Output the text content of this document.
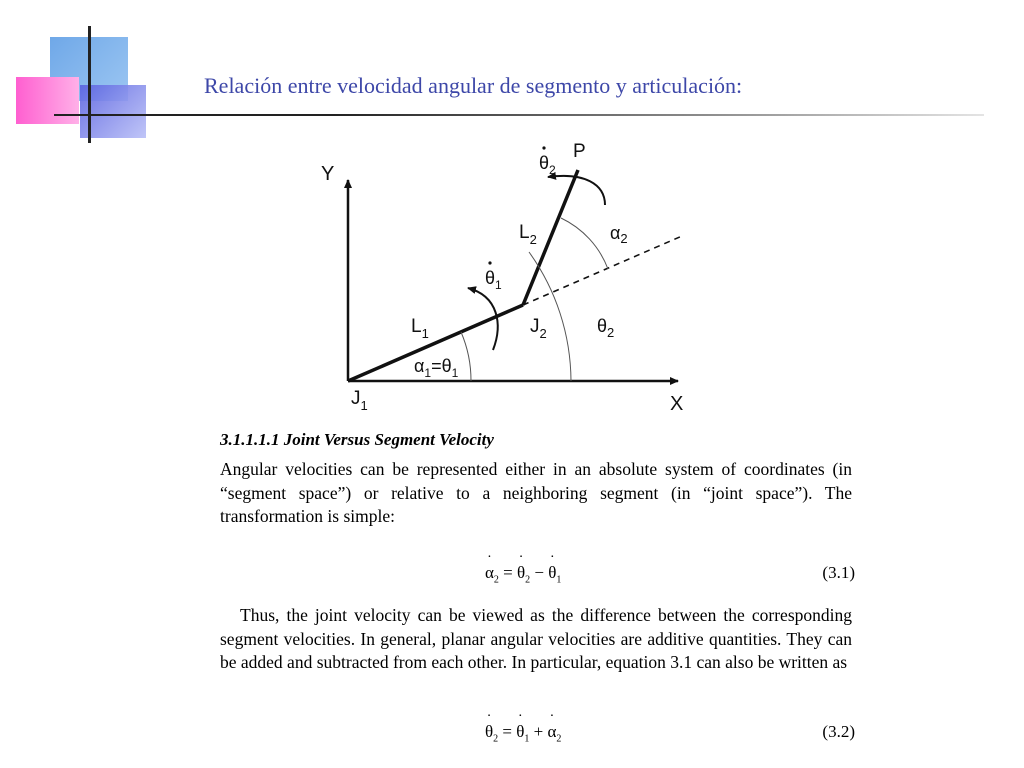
Relación entre velocidad angular de segmento y articulación:
Y
X
P
$J_1$
$J_2$
$L_1$
$L_2$
$\theta_1$
$\theta_2$
$\alpha_2$
$\theta_2$
$\alpha_1=\theta_1$

3.1.1.1.1 Joint Versus Segment Velocity

Angular velocities can be represented either in an absolute system of coordinates (in “segment space”) or relative to a neighboring segment (in “joint space”). The transformation is simple:

˙ $\alpha_2$ = ˙ $\theta_2$ − ˙ $\theta_1$	(3.1)

Thus, the joint velocity can be viewed as the difference between the corresponding segment velocities. In general, planar angular velocities are additive quantities. They can be added and subtracted from each other. In particular, equation 3.1 can also be written as

˙ $\theta_2$ = ˙ $\theta_1$ + ˙ $\alpha_2$	(3.2)
